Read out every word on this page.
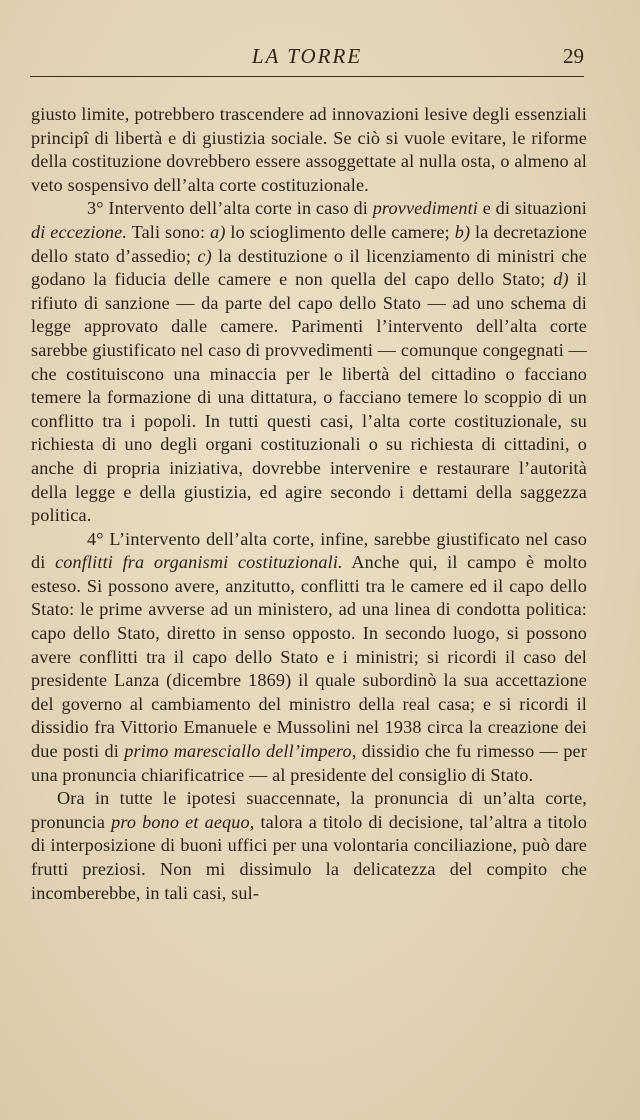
LA TORRE	29

giusto limite, potrebbero trascendere ad innovazioni lesive degli essenziali principî di libertà e di giustizia sociale. Se ciò si vuole evitare, le riforme della costituzione dovrebbero essere assoggettate al nulla osta, o almeno al veto sospensivo dell’alta corte costituzionale.

3° Intervento dell’alta corte in caso di provvedimenti e di situazioni di eccezione. Tali sono: a) lo scioglimento delle camere; b) la decretazione dello stato d’assedio; c) la destituzione o il licenziamento di ministri che godano la fiducia delle camere e non quella del capo dello Stato; d) il rifiuto di sanzione — da parte del capo dello Stato — ad uno schema di legge approvato dalle camere. Parimenti l’intervento dell’alta corte sarebbe giustificato nel caso di provvedimenti — comunque congegnati — che costituiscono una minaccia per le libertà del cittadino o facciano temere la formazione di una dittatura, o facciano temere lo scoppio di un conflitto tra i popoli. In tutti questi casi, l’alta corte costituzionale, su richiesta di uno degli organi costituzionali o su richiesta di cittadini, o anche di propria iniziativa, dovrebbe intervenire e restaurare l’autorità della legge e della giustizia, ed agire secondo i dettami della saggezza politica.

4° L’intervento dell’alta corte, infine, sarebbe giustificato nel caso di conflitti fra organismi costituzionali. Anche qui, il campo è molto esteso. Si possono avere, anzitutto, conflitti tra le camere ed il capo dello Stato: le prime avverse ad un ministero, ad una linea di condotta politica: capo dello Stato, diretto in senso opposto. In secondo luogo, si possono avere conflitti tra il capo dello Stato e i ministri; si ricordi il caso del presidente Lanza (dicembre 1869) il quale subordinò la sua accettazione del governo al cambiamento del ministro della real casa; e si ricordi il dissidio fra Vittorio Emanuele e Mussolini nel 1938 circa la creazione dei due posti di primo maresciallo dell’impero, dissidio che fu rimesso — per una pronuncia chiarificatrice — al presidente del consiglio di Stato.

Ora in tutte le ipotesi suaccennate, la pronuncia di un’alta corte, pronuncia pro bono et aequo, talora a titolo di decisione, tal’altra a titolo di interposizione di buoni uffici per una volontaria conciliazione, può dare frutti preziosi. Non mi dissimulo la delicatezza del compito che incomberebbe, in tali casi, sul-
